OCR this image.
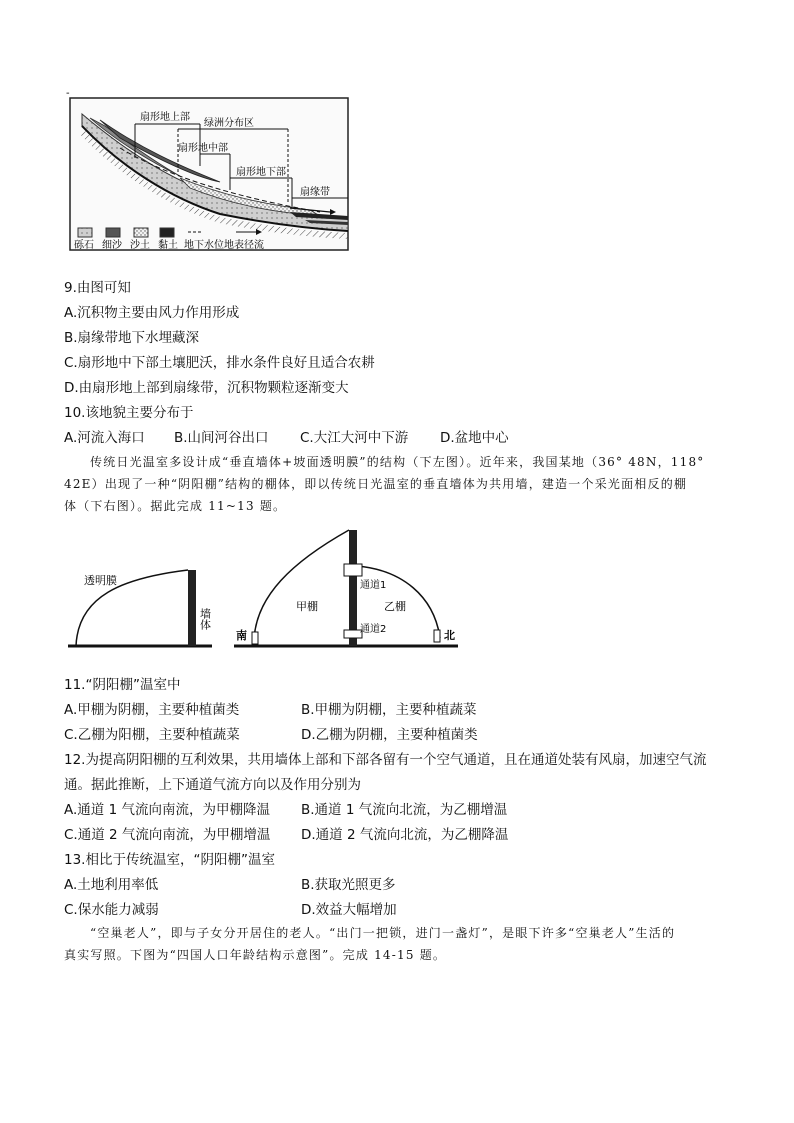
-
扇形地上部
绿洲分布区
扇形地中部
扇形地下部
扇缘带
砾石 细沙 沙土 黏土 地下水位地表径流
9.由图可知
A.沉积物主要由风力作用形成
B.扇缘带地下水埋藏深
C.扇形地中下部土壤肥沃，排水条件良好且适合农耕
D.由扇形地上部到扇缘带，沉积物颗粒逐渐变大
10.该地貌主要分布于
A.河流入海口 B.山间河谷出口 C.大江大河中下游 D.盆地中心
传统日光温室多设计成“垂直墙体+坡面透明膜”的结构（下左图）。近年来，我国某地（36° 48N，118°
42E）出现了一种“阴阳棚”结构的棚体，即以传统日光温室的垂直墙体为共用墙，建造一个采光面相反的棚
体（下右图）。据此完成 11~13 题。
透明膜
墙体
南	北
甲棚	乙棚
通道1
通道2
11.“阴阳棚”温室中
A.甲棚为阴棚，主要种植菌类	B.甲棚为阴棚，主要种植蔬菜
C.乙棚为阳棚，主要种植蔬菜	D.乙棚为阴棚，主要种植菌类
12.为提高阴阳棚的互利效果，共用墙体上部和下部各留有一个空气通道，且在通道处装有风扇，加速空气流
通。据此推断，上下通道气流方向以及作用分别为
A.通道 1 气流向南流，为甲棚降温 B.通道 1 气流向北流，为乙棚增温
C.通道 2 气流向南流，为甲棚增温 D.通道 2 气流向北流，为乙棚降温
13.相比于传统温室，“阴阳棚”温室
A.土地利用率低	B.获取光照更多
C.保水能力减弱	D.效益大幅增加
“空巢老人”，即与子女分开居住的老人。“出门一把锁，进门一盏灯”，是眼下许多“空巢老人”生活的
真实写照。下图为“四国人口年龄结构示意图”。完成 14-15 题。
